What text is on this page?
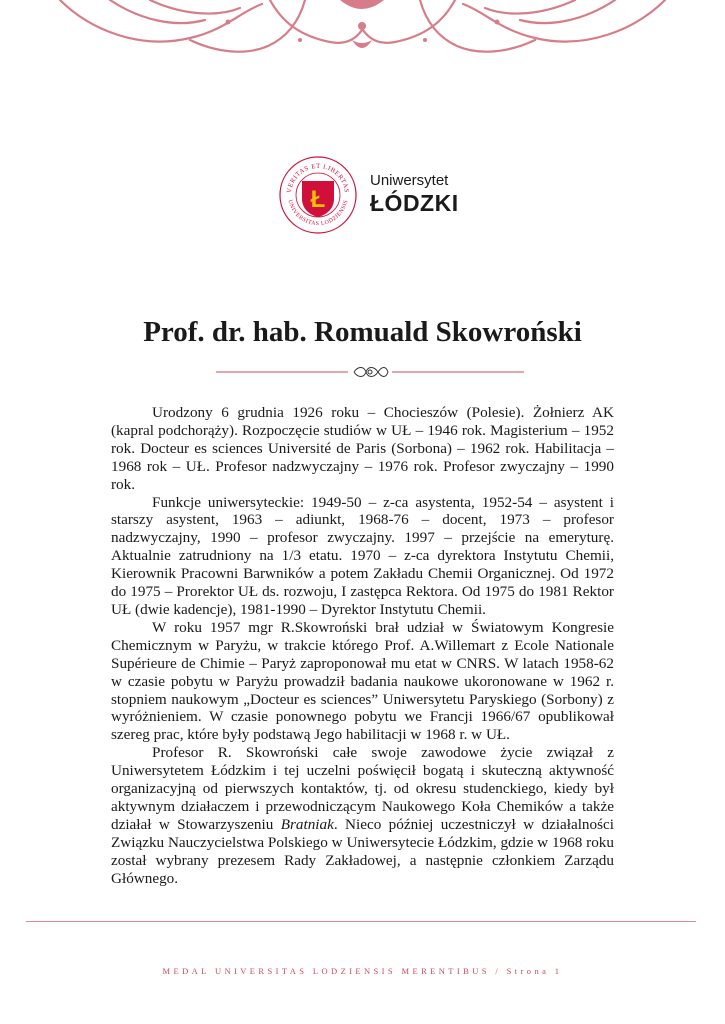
VERITAS ET LIBERTAS
UNIVERSITAS LODZIENSIS
Ł
Uniwersytet
ŁÓDZKI
Prof. dr. hab. Romuald Skowroński

Urodzony 6 grudnia 1926 roku – Chocieszów (Polesie). Żołnierz AK (kapral podchorąży). Rozpoczęcie studiów w UŁ – 1946 rok. Magisterium – 1952 rok. Docteur es sciences Université de Paris (Sorbona) – 1962 rok. Habilitacja – 1968 rok – UŁ. Profesor nadzwyczajny – 1976 rok. Profesor zwyczajny – 1990 rok.

Funkcje uniwersyteckie: 1949-50 – z-ca asystenta, 1952-54 – asystent i starszy asystent, 1963 – adiunkt, 1968-76 – docent, 1973 – profesor nadzwyczajny, 1990 – profesor zwyczajny. 1997 – przejście na emeryturę. Aktualnie zatrudniony na 1/3 etatu. 1970 – z-ca dyrektora Instytutu Chemii, Kierownik Pracowni Barwników a potem Zakładu Chemii Organicznej. Od 1972 do 1975 – Prorektor UŁ ds. rozwoju, I zastępca Rektora. Od 1975 do 1981 Rektor UŁ (dwie kadencje), 1981-1990 – Dyrektor Instytutu Chemii.

W roku 1957 mgr R.Skowroński brał udział w Światowym Kongresie Chemicznym w Paryżu, w trakcie którego Prof. A.Willemart z Ecole Nationale Supérieure de Chimie – Paryż zaproponował mu etat w CNRS. W latach 1958-62 w czasie pobytu w Paryżu prowadził badania naukowe ukoronowane w 1962 r. stopniem naukowym „Docteur es sciences” Uniwersytetu Paryskiego (Sorbony) z wyróżnieniem. W czasie ponownego pobytu we Francji 1966/67 opublikował szereg prac, które były podstawą Jego habilitacji w 1968 r. w UŁ.

Profesor R. Skowroński całe swoje zawodowe życie związał z Uniwersytetem Łódzkim i tej uczelni poświęcił bogatą i skuteczną aktywność organizacyjną od pierwszych kontaktów, tj. od okresu studenckiego, kiedy był aktywnym działaczem i przewodniczącym Naukowego Koła Chemików a także działał w Stowarzyszeniu Bratniak. Nieco później uczestniczył w działalności Związku Nauczycielstwa Polskiego w Uniwersytecie Łódzkim, gdzie w 1968 roku został wybrany prezesem Rady Zakładowej, a następnie członkiem Zarządu Głównego.

MEDAL UNIVERSITAS LODZIENSIS MERENTIBUS / Strona 1
